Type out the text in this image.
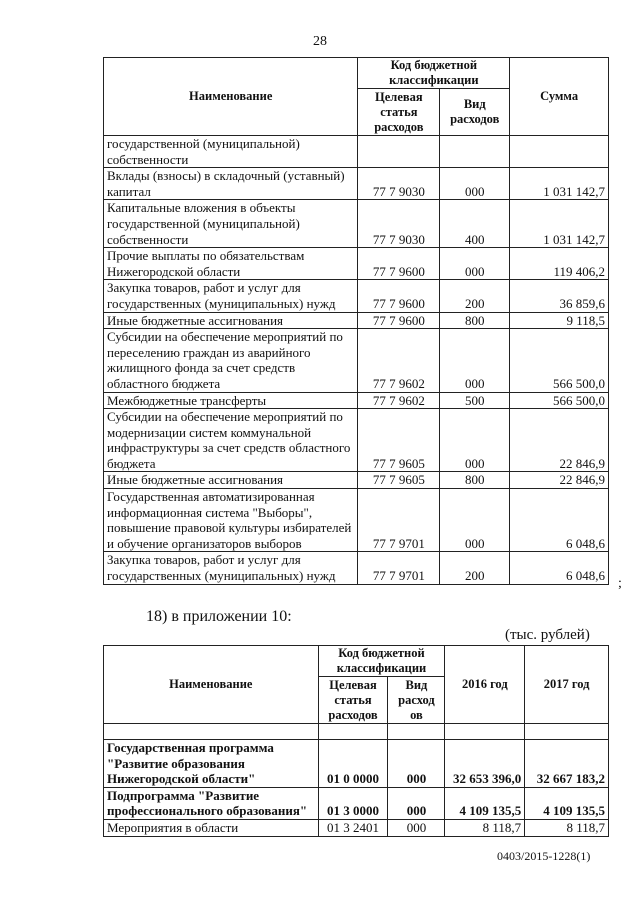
28
Наименование	Код бюджетной классификации		Сумма
	Целевая статья расходов	Вид расходов	
государственной (муниципальной) собственности			
Вклады (взносы) в складочный (уставный) капитал	77 7 9030	000	1 031 142,7
Капитальные вложения в объекты государственной (муниципальной) собственности	77 7 9030	400	1 031 142,7
Прочие выплаты по обязательствам Нижегородской области	77 7 9600	000	119 406,2
Закупка товаров, работ и услуг для государственных (муниципальных) нужд	77 7 9600	200	36 859,6
Иные бюджетные ассигнования	77 7 9600	800	9 118,5
Субсидии на обеспечение мероприятий по переселению граждан из аварийного жилищного фонда за счет средств областного бюджета	77 7 9602	000	566 500,0
Межбюджетные трансферты	77 7 9602	500	566 500,0
Субсидии на обеспечение мероприятий по модернизации систем коммунальной инфраструктуры за счет средств областного бюджета	77 7 9605	000	22 846,9
Иные бюджетные ассигнования	77 7 9605	800	22 846,9
Государственная автоматизированная информационная система "Выборы", повышение правовой культуры избирателей и обучение организаторов выборов	77 7 9701	000	6 048,6
Закупка товаров, работ и услуг для государственных (муниципальных) нужд	77 7 9701	200	6 048,6
;
18) в приложении 10:
(тыс. рублей)
Наименование	Код бюджетной классификации		2016 год	2017 год
	Целевая статья расходов	Вид расход ов		

Государственная программа "Развитие образования Нижегородской области"	01 0 0000	000	32 653 396,0	32 667 183,2
Подпрограмма "Развитие профессионального образования"	01 3 0000	000	4 109 135,5	4 109 135,5
Мероприятия в области	01 3 2401	000	8 118,7	8 118,7
0403/2015-1228(1)
